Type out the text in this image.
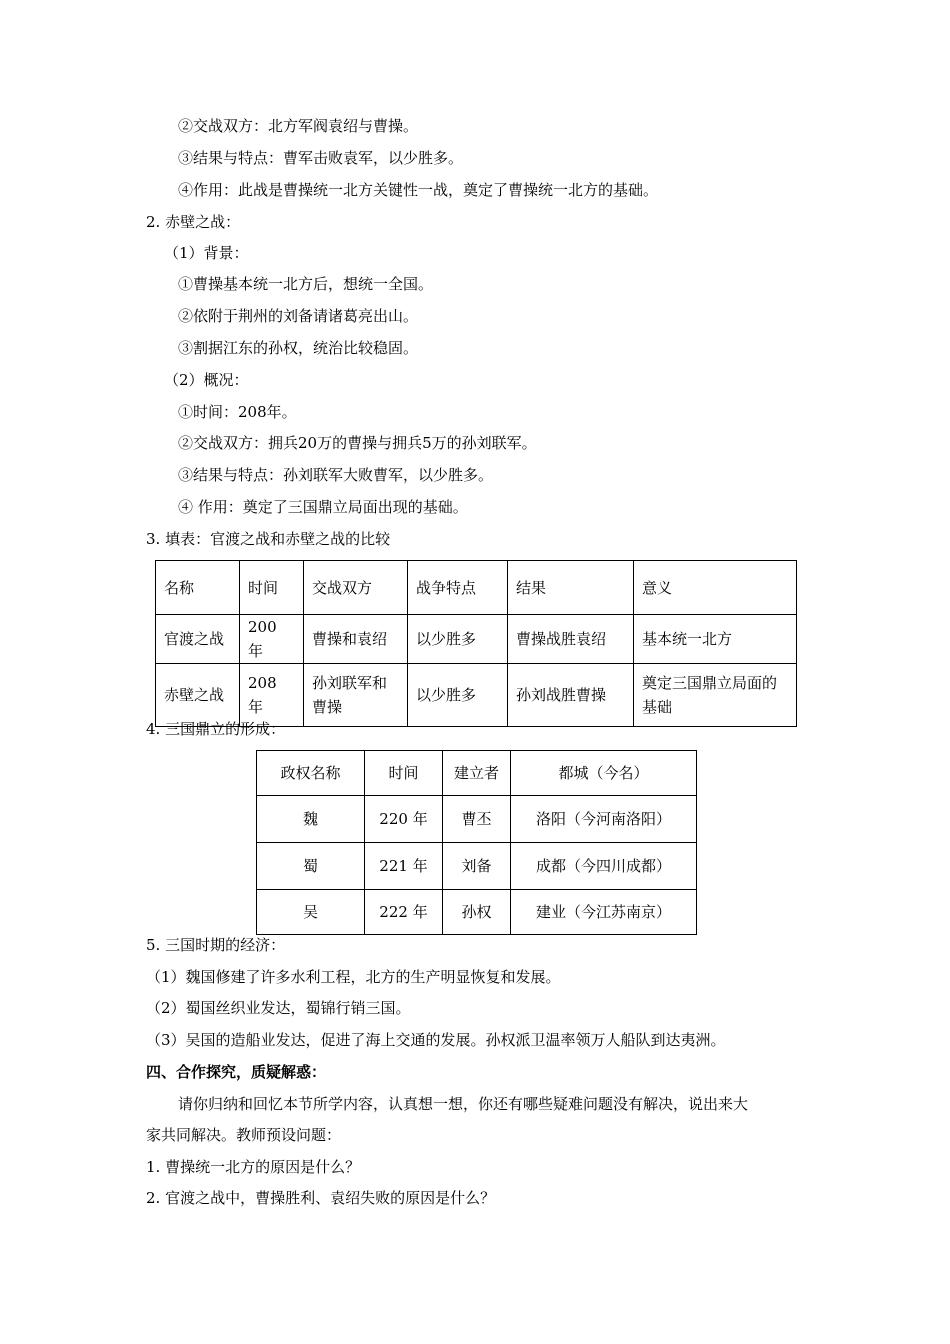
②交战双方：北方军阀袁绍与曹操。
③结果与特点：曹军击败袁军，以少胜多。
④作用：此战是曹操统一北方关键性一战，奠定了曹操统一北方的基础。
2. 赤壁之战：
（1）背景：
①曹操基本统一北方后，想统一全国。
②依附于荆州的刘备请诸葛亮出山。
③割据江东的孙权，统治比较稳固。
（2）概况：
①时间：208年。
②交战双方：拥兵20万的曹操与拥兵5万的孙刘联军。
③结果与特点：孙刘联军大败曹军，以少胜多。
④ 作用：奠定了三国鼎立局面出现的基础。
3. 填表：官渡之战和赤壁之战的比较
名称	时间	交战双方	战争特点	结果	意义
官渡之战	200 年	曹操和袁绍	以少胜多	曹操战胜袁绍	基本统一北方
赤壁之战	208 年	孙刘联军和曹操	以少胜多	孙刘战胜曹操	奠定三国鼎立局面的基础
4. 三国鼎立的形成：
政权名称	时间	建立者	都城（今名）
魏	220 年	曹丕	洛阳（今河南洛阳）
蜀	221 年	刘备	成都（今四川成都）
吴	222 年	孙权	建业（今江苏南京）
5. 三国时期的经济：
（1）魏国修建了许多水利工程，北方的生产明显恢复和发展。
（2）蜀国丝织业发达，蜀锦行销三国。
（3）吴国的造船业发达，促进了海上交通的发展。孙权派卫温率领万人船队到达夷洲。
四、合作探究，质疑解惑：
请你归纳和回忆本节所学内容，认真想一想，你还有哪些疑难问题没有解决，说出来大
家共同解决。教师预设问题：
1. 曹操统一北方的原因是什么？
2. 官渡之战中，曹操胜利、袁绍失败的原因是什么？
